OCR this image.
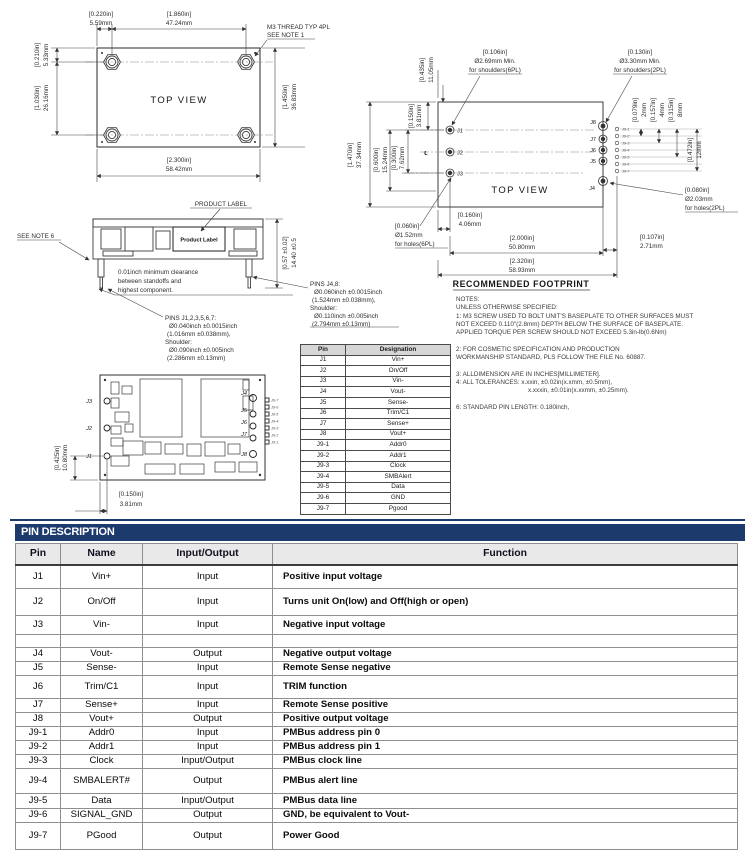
[0.220in]
5.59mm
[1.860in]
47.24mm
M3 THREAD TYP 4PL
SEE NOTE 1
[0.210in] 5.33mm
[1.030in] 26.16mm	[1.450in] 36.83mm
[2.300in]
58.42mm
TOP VIEW
J1
J2
J3
℄
J8
J7
J6
J5
J4
J9-1
J9-2
J9-3
J9-4
J9-5
J9-6
J9-7
[1.470in] 37.34mm [0.600in] 15.24mm [0.300in] 7.62mm
[0.150in] 3.81mm
[0.435in] 11.05mm
[0.106in]
Ø2.69mm Min.
for shoulders(6PL)
[0.130in]
Ø3.30mm Min.
for shoulders(2PL)
[0.079in] 2mm [0.157in] 4mm [0.315in] 8mm
[0.472in] 12mm
[0.060in]
Ø1.52mm
for holes(6PL)
[0.160in]
4.06mm
[2.000in]
50.80mm
[2.320in]
58.93mm
[0.080in]
Ø2.03mm
for holes(2PL)
[0.107in]
2.71mm
TOP VIEW
RECOMMENDED FOOTPRINT
Product Label
PRODUCT LABEL
SEE NOTE 6	[0.57 ±0.02] 14.40 ±0.5
0.01inch minimum clearance
between standoffs and
highest component.
PINS J1,2,3,5,6,7:
Ø0.040inch ±0.0015inch
(1.016mm ±0.038mm),
Shoulder:
Ø0.090inch ±0.005inch
(2.286mm ±0.13mm)
PINS J4,8:
Ø0.060inch ±0.0015inch
(1.524mm ±0.038mm),
Shoulder:
Ø0.110inch ±0.005inch
(2.794mm ±0.13mm)
J3
J2
J1
J4
J5
J6
J7
J8
J9-7
J9-6
J9-5
J9-4
J9-3
J9-2
J9-1
[0.425in] 10.80mm
[0.150in]
3.81mm
Pin	Designation
J1	Vin+
J2	On/Off
J3	Vin-
J4	Vout-
J5	Sense-
J6	Trim/C1
J7	Sense+
J8	Vout+
J9-1	Addr0
J9-2	Addr1
J9-3	Clock
J9-4	SMBAlert
J9-5	Data
J9-6	GND
J9-7	Pgood
NOTES:
UNLESS OTHERWISE SPECIFIED:
1: M3 SCREW USED TO BOLT UNIT'S BASEPLATE TO OTHER SURFACES MUST
NOT EXCEED 0.110"(2.8mm) DEPTH BELOW THE SURFACE OF BASEPLATE.
APPLIED TORQUE PER SCREW SHOULD NOT EXCEED 5.3in-lb(0.6Nm)
2: FOR COSMETIC SPECIFICATION AND PRODUCTION
WORKMANSHIP STANDARD, PLS FOLLOW THE FILE No. 60887.
3: ALLDIMENSION ARE IN INCHES[MILLIMETER].
4: ALL TOLERANCES: x.xxin, ±0.02in(x.xmm, ±0.5mm),
x.xxxin, ±0.01in(x.xxmm, ±0.25mm).
6: STANDARD PIN LENGTH: 0.180inch,
PIN DESCRIPTION
Pin	Name	Input/Output	Function
J1	Vin+	Input	Positive input voltage
J2	On/Off	Input	Turns unit On(low) and Off(high or open)
J3	Vin-	Input	Negative input voltage

J4	Vout-	Output	Negative output voltage
J5	Sense-	Input	Remote Sense negative
J6	Trim/C1	Input	TRIM function
J7	Sense+	Input	Remote Sense positive
J8	Vout+	Output	Positive output voltage
J9-1	Addr0	Input	PMBus address pin 0
J9-2	Addr1	Input	PMBus address pin 1
J9-3	Clock	Input/Output	PMBus clock line
J9-4	SMBALERT#	Output	PMBus alert line
J9-5	Data	Input/Output	PMBus data line
J9-6	SIGNAL_GND	Output	GND, be equivalent to Vout-
J9-7	PGood	Output	Power Good
